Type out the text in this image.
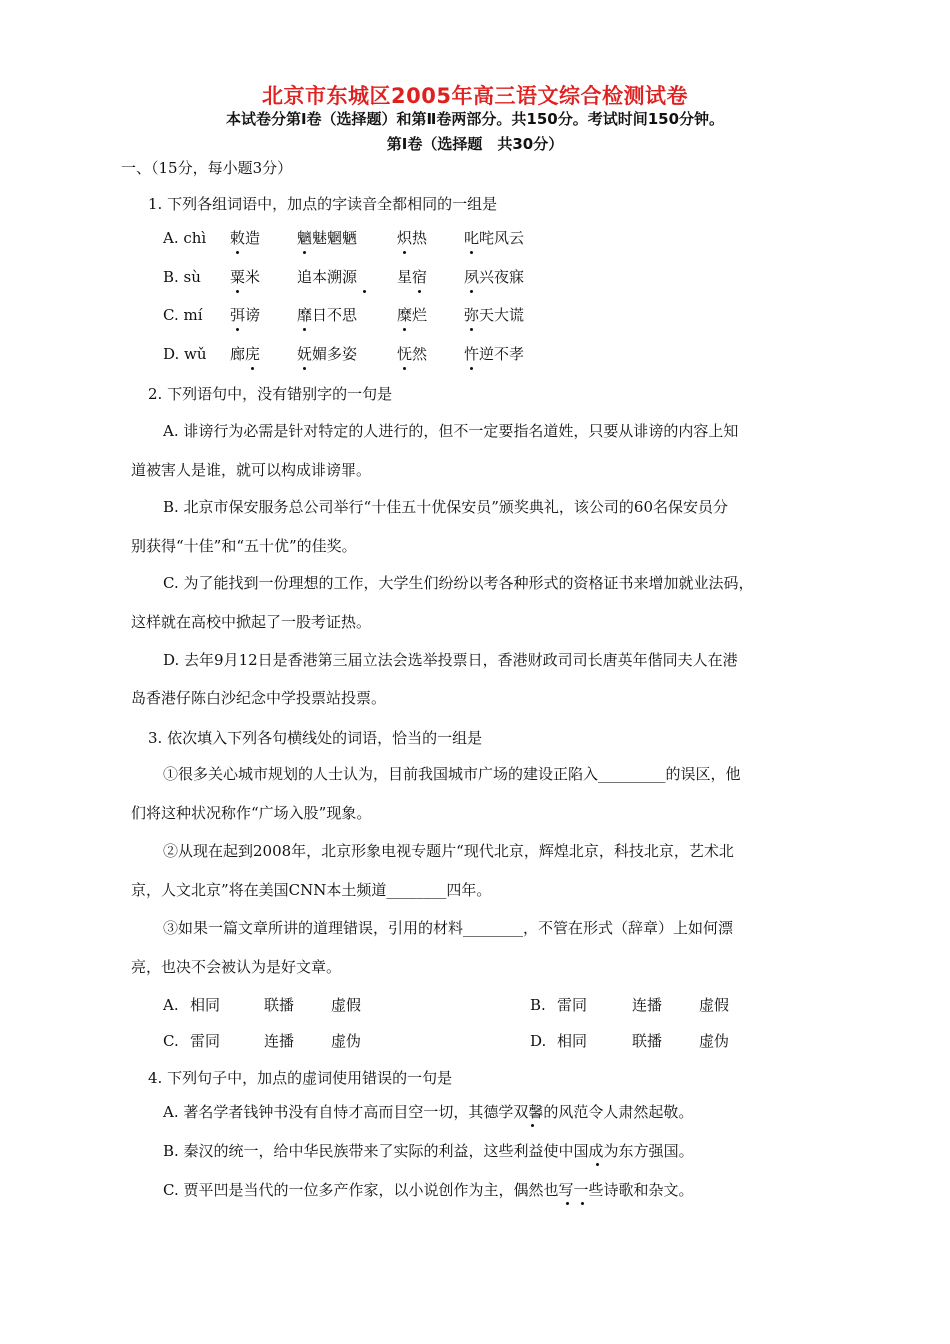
北京市东城区2005年高三语文综合检测试卷
本试卷分第Ⅰ卷（选择题）和第Ⅱ卷两部分。共150分。考试时间150分钟。
第Ⅰ卷（选择题　共30分）
一、（15分，每小题3分）
1. 下列各组词语中，加点的字读音全都相同的一组是
A. chì 敕造 魑魅魍魉	炽热 叱咤风云
B. sù 粟米 追本溯源	星宿 夙兴夜寐
C. mí 弭谤 靡日不思	糜烂 弥天大谎
D. wǔ 廊庑 妩媚多姿	怃然 忤逆不孝
2. 下列语句中，没有错别字的一句是
A. 诽谤行为必需是针对特定的人进行的，但不一定要指名道姓，只要从诽谤的内容上知
道被害人是谁，就可以构成诽谤罪。
B. 北京市保安服务总公司举行“十佳五十优保安员”颁奖典礼，该公司的60名保安员分
别获得“十佳”和“五十优”的佳奖。
C. 为了能找到一份理想的工作，大学生们纷纷以考各种形式的资格证书来增加就业法码，
这样就在高校中掀起了一股考证热。
D. 去年9月12日是香港第三届立法会选举投票日，香港财政司司长唐英年偕同夫人在港
岛香港仔陈白沙纪念中学投票站投票。
3. 依次填入下列各句横线处的词语，恰当的一组是
①很多关心城市规划的人士认为，目前我国城市广场的建设正陷入_________的误区，他
们将这种状况称作“广场入股”现象。
②从现在起到2008年，北京形象电视专题片“现代北京，辉煌北京，科技北京，艺术北
京，人文北京”将在美国CNN本土频道________四年。
③如果一篇文章所讲的道理错误，引用的材料________，不管在形式（辞章）上如何漂
亮，也决不会被认为是好文章。
A. 相同	联播 虚假	B. 雷同	连播 虚假
C. 雷同	连播 虚伪	D. 相同	联播 虚伪
4. 下列句子中，加点的虚词使用错误的一句是
A. 著名学者钱钟书没有自恃才高而目空一切，其德学双馨的风范令人肃然起敬。
B. 秦汉的统一，给中华民族带来了实际的利益，这些利益使中国成为东方强国。
C. 贾平凹是当代的一位多产作家，以小说创作为主，偶然也写一些诗歌和杂文。
